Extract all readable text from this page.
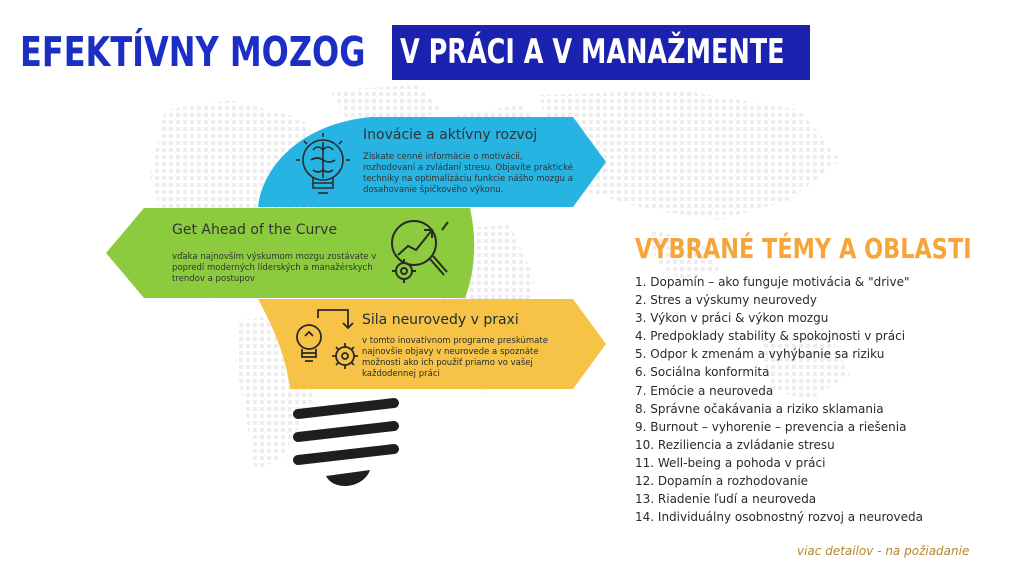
EFEKTÍVNY MOZOG V PRÁCI A V MANAŽMENTE
Inovácie a aktívny rozvoj
Získate cenné informácie o motivácii, rozhodovaní a zvládaní stresu. Objavíte praktické techniky na optimalizáciu funkcie nášho mozgu a dosahovanie špičkového výkonu.
Get Ahead of the Curve
vďaka najnovším výskumom mozgu zostávate v popredí moderných líderských a manažérskych trendov a postupov
Sila neurovedy v praxi
v tomto inovatívnom programe preskúmate najnovšie objavy v neurovede a spoznáte možnosti ako ich použiť priamo vo vašej každodennej práci
VYBRANÉ TÉMY A OBLASTI
1. Dopamín – ako funguje motivácia & "drive"
2. Stres a výskumy neurovedy
3. Výkon v práci & výkon mozgu
4. Predpoklady stability & spokojnosti v práci
5. Odpor k zmenám a vyhýbanie sa riziku
6. Sociálna konformita
7. Emócie a neuroveda
8. Správne očakávania a riziko sklamania
9. Burnout – vyhorenie – prevencia a riešenia
10. Reziliencia a zvládanie stresu
11. Well-being a pohoda v práci
12. Dopamín a rozhodovanie
13. Riadenie ľudí a neuroveda
14. Individuálny osobnostný rozvoj a neuroveda
viac detailov - na požiadanie
